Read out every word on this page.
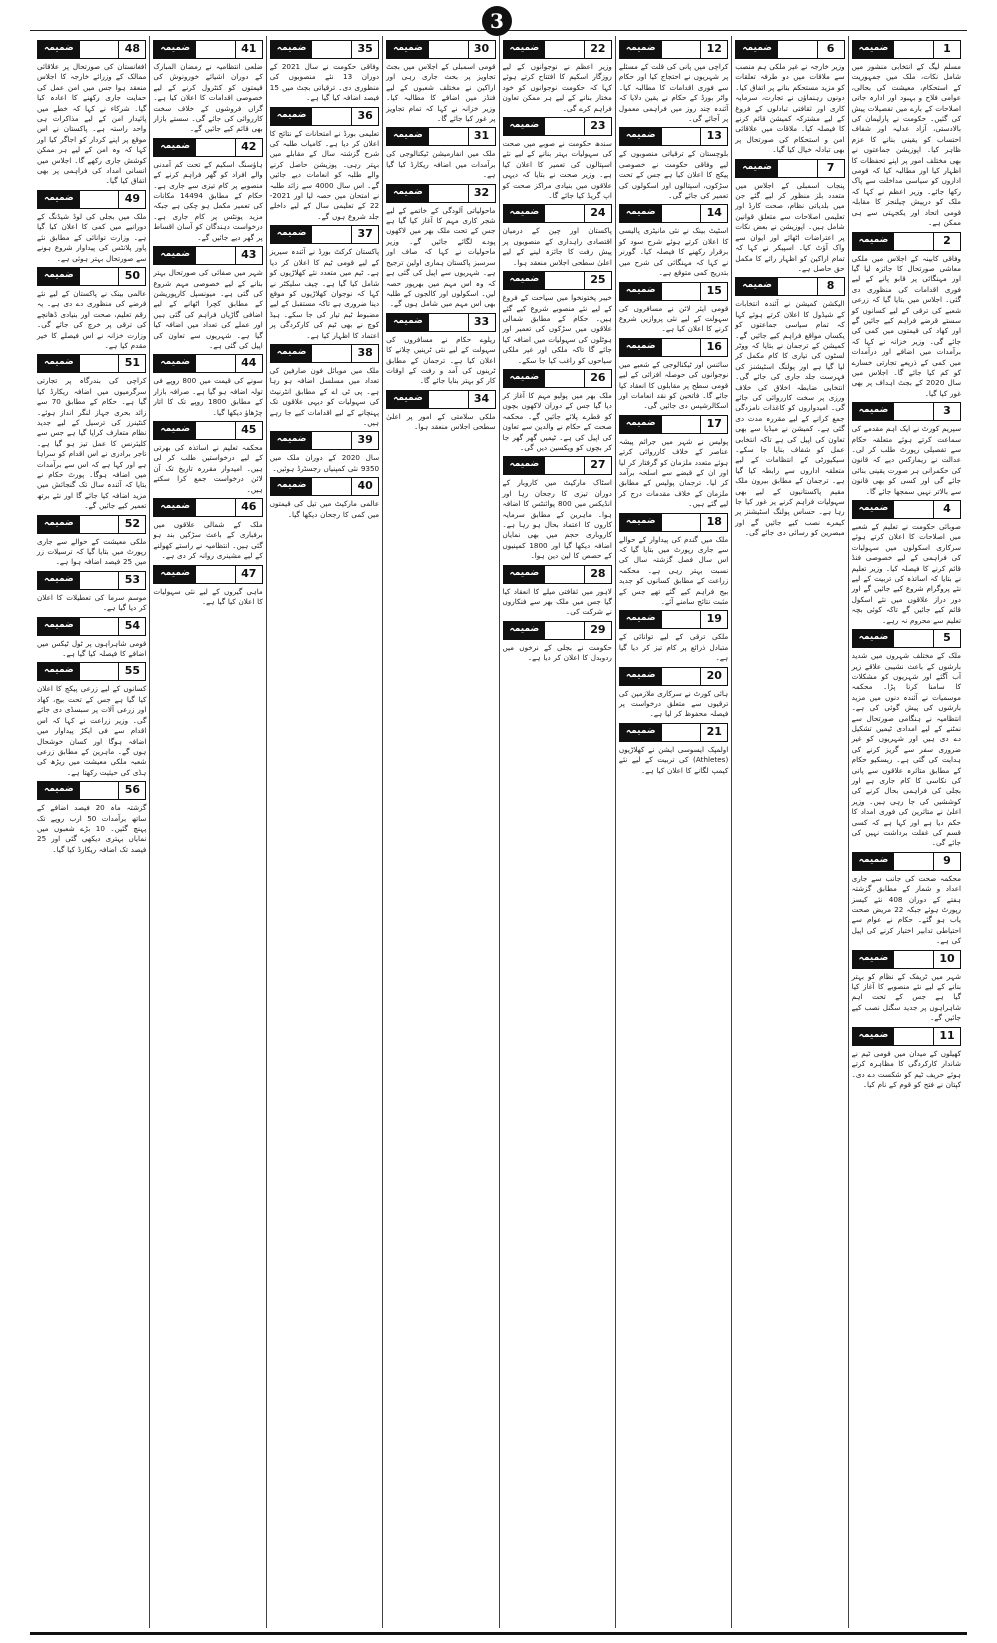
3
1
ضمیمہ

مسلم لیگ کے انتخابی منشور میں شامل نکات، ملک میں جمہوریت کے استحکام، معیشت کی بحالی، عوامی فلاح و بہبود اور ادارہ جاتی اصلاحات کے بارے میں تفصیلات پیش کی گئیں۔ حکومت نے پارلیمان کی بالادستی، آزاد عدلیہ اور شفاف احتساب کو یقینی بنانے کا عزم ظاہر کیا۔ اپوزیشن جماعتوں نے بھی مختلف امور پر اپنے تحفظات کا اظہار کیا اور مطالبہ کیا کہ قومی اداروں کو سیاسی مداخلت سے پاک رکھا جائے۔ وزیر اعظم نے کہا کہ ملک کو درپیش چیلنجز کا مقابلہ قومی اتحاد اور یکجہتی سے ہی ممکن ہے۔

2
ضمیمہ

وفاقی کابینہ کے اجلاس میں ملکی معاشی صورتحال کا جائزہ لیا گیا اور مہنگائی پر قابو پانے کے لیے فوری اقدامات کی منظوری دی گئی۔ اجلاس میں بتایا گیا کہ زرعی شعبے کی ترقی کے لیے کسانوں کو سستے قرضے فراہم کیے جائیں گے اور کھاد کی قیمتوں میں کمی کی جائے گی۔ وزیر خزانہ نے کہا کہ برآمدات میں اضافے اور درآمدات میں کمی کے ذریعے تجارتی خسارے کو کم کیا جائے گا۔ اجلاس میں سال 2020 کے بجٹ اہداف پر بھی غور کیا گیا۔

3
ضمیمہ

سپریم کورٹ نے ایک اہم مقدمے کی سماعت کرتے ہوئے متعلقہ حکام سے تفصیلی رپورٹ طلب کر لی۔ عدالت نے ریمارکس دیے کہ قانون کی حکمرانی ہر صورت یقینی بنائی جائے گی اور کسی کو بھی قانون سے بالاتر نہیں سمجھا جائے گا۔

4
ضمیمہ

صوبائی حکومت نے تعلیم کے شعبے میں اصلاحات کا اعلان کرتے ہوئے سرکاری اسکولوں میں سہولیات کی فراہمی کے لیے خصوصی فنڈ قائم کرنے کا فیصلہ کیا۔ وزیر تعلیم نے بتایا کہ اساتذہ کی تربیت کے لیے نئے پروگرام شروع کیے جائیں گے اور دور دراز علاقوں میں نئے اسکول قائم کیے جائیں گے تاکہ کوئی بچہ تعلیم سے محروم نہ رہے۔

5
ضمیمہ

ملک کے مختلف شہروں میں شدید بارشوں کے باعث نشیبی علاقے زیر آب آگئے اور شہریوں کو مشکلات کا سامنا کرنا پڑا۔ محکمہ موسمیات نے آئندہ دنوں میں مزید بارشوں کی پیش گوئی کی ہے۔ انتظامیہ نے ہنگامی صورتحال سے نمٹنے کے لیے امدادی ٹیمیں تشکیل دے دی ہیں اور شہریوں کو غیر ضروری سفر سے گریز کرنے کی ہدایت کی گئی ہے۔ ریسکیو حکام کے مطابق متاثرہ علاقوں سے پانی کی نکاسی کا کام جاری ہے اور بجلی کی فراہمی بحال کرنے کی کوششیں کی جا رہی ہیں۔ وزیر اعلیٰ نے متاثرین کی فوری امداد کا حکم دیا ہے اور کہا ہے کہ کسی قسم کی غفلت برداشت نہیں کی جائے گی۔

9
ضمیمہ

محکمہ صحت کی جانب سے جاری اعداد و شمار کے مطابق گزشتہ ہفتے کے دوران 408 نئے کیسز رپورٹ ہوئے جبکہ 22 مریض صحت یاب ہو گئے۔ حکام نے عوام سے احتیاطی تدابیر اختیار کرنے کی اپیل کی ہے۔

10
ضمیمہ

شہر میں ٹریفک کے نظام کو بہتر بنانے کے لیے نئے منصوبے کا آغاز کیا گیا ہے جس کے تحت اہم شاہراہوں پر جدید سگنل نصب کیے جائیں گے۔

11
ضمیمہ

کھیلوں کے میدان میں قومی ٹیم نے شاندار کارکردگی کا مظاہرہ کرتے ہوئے حریف ٹیم کو شکست دے دی۔ کپتان نے فتح کو قوم کے نام کیا۔

6
ضمیمہ

وزیر خارجہ نے غیر ملکی ہم منصب سے ملاقات میں دو طرفہ تعلقات کو مزید مستحکم بنانے پر اتفاق کیا۔ دونوں رہنماؤں نے تجارت، سرمایہ کاری اور ثقافتی تبادلوں کے فروغ کے لیے مشترکہ کمیشن قائم کرنے کا فیصلہ کیا۔ ملاقات میں علاقائی امن و استحکام کی صورتحال پر بھی تبادلہ خیال کیا گیا۔

7
ضمیمہ

پنجاب اسمبلی کے اجلاس میں متعدد بلز منظور کر لیے گئے جن میں بلدیاتی نظام، صحت کارڈ اور تعلیمی اصلاحات سے متعلق قوانین شامل ہیں۔ اپوزیشن نے بعض نکات پر اعتراضات اٹھائے اور ایوان سے واک آؤٹ کیا۔ اسپیکر نے کہا کہ تمام اراکین کو اظہار رائے کا مکمل حق حاصل ہے۔

8
ضمیمہ

الیکشن کمیشن نے آئندہ انتخابات کے شیڈول کا اعلان کرتے ہوئے کہا کہ تمام سیاسی جماعتوں کو یکساں مواقع فراہم کیے جائیں گے۔ کمیشن کے ترجمان نے بتایا کہ ووٹر لسٹوں کی تیاری کا کام مکمل کر لیا گیا ہے اور پولنگ اسٹیشنز کی فہرست جلد جاری کی جائے گی۔ انتخابی ضابطہ اخلاق کی خلاف ورزی پر سخت کارروائی کی جائے گی۔ امیدواروں کو کاغذات نامزدگی جمع کرانے کے لیے مقررہ مدت دی گئی ہے۔ کمیشن نے میڈیا سے بھی تعاون کی اپیل کی ہے تاکہ انتخابی عمل کو شفاف بنایا جا سکے۔ سیکیورٹی کے انتظامات کے لیے متعلقہ اداروں سے رابطہ کیا گیا ہے۔ ترجمان کے مطابق بیرون ملک مقیم پاکستانیوں کے لیے بھی سہولیات فراہم کرنے پر غور کیا جا رہا ہے۔ حساس پولنگ اسٹیشنز پر کیمرے نصب کیے جائیں گے اور مبصرین کو رسائی دی جائے گی۔

12
ضمیمہ

کراچی میں پانی کی قلت کے مسئلے پر شہریوں نے احتجاج کیا اور حکام سے فوری اقدامات کا مطالبہ کیا۔ واٹر بورڈ کے حکام نے یقین دلایا کہ آئندہ چند روز میں فراہمی معمول پر آجائے گی۔

13
ضمیمہ

بلوچستان کے ترقیاتی منصوبوں کے لیے وفاقی حکومت نے خصوصی پیکج کا اعلان کیا ہے جس کے تحت سڑکوں، اسپتالوں اور اسکولوں کی تعمیر کی جائے گی۔

14
ضمیمہ

اسٹیٹ بینک نے نئی مانیٹری پالیسی کا اعلان کرتے ہوئے شرح سود کو برقرار رکھنے کا فیصلہ کیا۔ گورنر نے کہا کہ مہنگائی کی شرح میں بتدریج کمی متوقع ہے۔

15
ضمیمہ

قومی ایئر لائن نے مسافروں کی سہولت کے لیے نئی پروازیں شروع کرنے کا اعلان کیا ہے۔

16
ضمیمہ

سائنس اور ٹیکنالوجی کے شعبے میں نوجوانوں کی حوصلہ افزائی کے لیے قومی سطح پر مقابلوں کا انعقاد کیا جائے گا۔ فاتحین کو نقد انعامات اور اسکالرشپس دی جائیں گی۔

17
ضمیمہ

پولیس نے شہر میں جرائم پیشہ عناصر کے خلاف کارروائی کرتے ہوئے متعدد ملزمان کو گرفتار کر لیا اور ان کے قبضے سے اسلحہ برآمد کر لیا۔ ترجمان پولیس کے مطابق ملزمان کے خلاف مقدمات درج کر لیے گئے ہیں۔

18
ضمیمہ

ملک میں گندم کی پیداوار کے حوالے سے جاری رپورٹ میں بتایا گیا کہ اس سال فصل گزشتہ سال کی نسبت بہتر رہی ہے۔ محکمہ زراعت کے مطابق کسانوں کو جدید بیج فراہم کیے گئے تھے جس کے مثبت نتائج سامنے آئے۔

19
ضمیمہ

ملکی ترقی کے لیے توانائی کے متبادل ذرائع پر کام تیز کر دیا گیا ہے۔

20
ضمیمہ

ہائی کورٹ نے سرکاری ملازمین کی ترقیوں سے متعلق درخواست پر فیصلہ محفوظ کر لیا ہے۔

21
ضمیمہ

اولمپک ایسوسی ایشن نے کھلاڑیوں (Athletes) کی تربیت کے لیے نئے کیمپ لگانے کا اعلان کیا ہے۔

22
ضمیمہ

وزیر اعظم نے نوجوانوں کے لیے روزگار اسکیم کا افتتاح کرتے ہوئے کہا کہ حکومت نوجوانوں کو خود مختار بنانے کے لیے ہر ممکن تعاون فراہم کرے گی۔

23
ضمیمہ

سندھ حکومت نے صوبے میں صحت کی سہولیات بہتر بنانے کے لیے نئے اسپتالوں کی تعمیر کا اعلان کیا ہے۔ وزیر صحت نے بتایا کہ دیہی علاقوں میں بنیادی مراکز صحت کو اپ گریڈ کیا جائے گا۔

24
ضمیمہ

پاکستان اور چین کے درمیان اقتصادی راہداری کے منصوبوں پر پیش رفت کا جائزہ لینے کے لیے اعلیٰ سطحی اجلاس منعقد ہوا۔

25
ضمیمہ

خیبر پختونخوا میں سیاحت کے فروغ کے لیے نئے منصوبے شروع کیے گئے ہیں۔ حکام کے مطابق شمالی علاقوں میں سڑکوں کی تعمیر اور ہوٹلوں کی سہولیات میں اضافہ کیا جائے گا تاکہ ملکی اور غیر ملکی سیاحوں کو راغب کیا جا سکے۔

26
ضمیمہ

ملک بھر میں پولیو مہم کا آغاز کر دیا گیا جس کے دوران لاکھوں بچوں کو قطرے پلائے جائیں گے۔ محکمہ صحت کے حکام نے والدین سے تعاون کی اپیل کی ہے۔ ٹیمیں گھر گھر جا کر بچوں کو ویکسین دیں گی۔

27
ضمیمہ

اسٹاک مارکیٹ میں کاروبار کے دوران تیزی کا رجحان رہا اور انڈیکس میں 800 پوائنٹس کا اضافہ ہوا۔ ماہرین کے مطابق سرمایہ کاروں کا اعتماد بحال ہو رہا ہے۔ کاروباری حجم میں بھی نمایاں اضافہ دیکھا گیا اور 1800 کمپنیوں کے حصص کا لین دین ہوا۔

28
ضمیمہ

لاہور میں ثقافتی میلے کا انعقاد کیا گیا جس میں ملک بھر سے فنکاروں نے شرکت کی۔

29
ضمیمہ

حکومت نے بجلی کے نرخوں میں ردوبدل کا اعلان کر دیا ہے۔

30
ضمیمہ

قومی اسمبلی کے اجلاس میں بجٹ تجاویز پر بحث جاری رہی اور اراکین نے مختلف شعبوں کے لیے فنڈز میں اضافے کا مطالبہ کیا۔ وزیر خزانہ نے کہا کہ تمام تجاویز پر غور کیا جائے گا۔

31
ضمیمہ

ملک میں انفارمیشن ٹیکنالوجی کی برآمدات میں اضافہ ریکارڈ کیا گیا ہے۔

32
ضمیمہ

ماحولیاتی آلودگی کے خاتمے کے لیے شجر کاری مہم کا آغاز کیا گیا ہے جس کے تحت ملک بھر میں لاکھوں پودے لگائے جائیں گے۔ وزیر ماحولیات نے کہا کہ صاف اور سرسبز پاکستان ہماری اولین ترجیح ہے۔ شہریوں سے اپیل کی گئی ہے کہ وہ اس مہم میں بھرپور حصہ لیں۔ اسکولوں اور کالجوں کے طلبہ بھی اس مہم میں شامل ہوں گے۔

33
ضمیمہ

ریلوے حکام نے مسافروں کی سہولت کے لیے نئی ٹرینیں چلانے کا اعلان کیا ہے۔ ترجمان کے مطابق ٹرینوں کی آمد و رفت کے اوقات کار کو بہتر بنایا جائے گا۔

34
ضمیمہ

ملکی سلامتی کے امور پر اعلیٰ سطحی اجلاس منعقد ہوا۔

35
ضمیمہ

وفاقی حکومت نے سال 2021 کے دوران 13 نئے منصوبوں کی منظوری دی۔ ترقیاتی بجٹ میں 15 فیصد اضافہ کیا گیا ہے۔

36
ضمیمہ

تعلیمی بورڈ نے امتحانات کے نتائج کا اعلان کر دیا ہے۔ کامیاب طلبہ کی شرح گزشتہ سال کے مقابلے میں بہتر رہی۔ پوزیشن حاصل کرنے والے طلبہ کو انعامات دیے جائیں گے۔ اس سال 4000 سے زائد طلبہ نے امتحان میں حصہ لیا اور 2021-22 کے تعلیمی سال کے لیے داخلے جلد شروع ہوں گے۔

37
ضمیمہ

پاکستان کرکٹ بورڈ نے آئندہ سیریز کے لیے قومی ٹیم کا اعلان کر دیا ہے۔ ٹیم میں متعدد نئے کھلاڑیوں کو شامل کیا گیا ہے۔ چیف سلیکٹر نے کہا کہ نوجوان کھلاڑیوں کو موقع دینا ضروری ہے تاکہ مستقبل کے لیے مضبوط ٹیم تیار کی جا سکے۔ ہیڈ کوچ نے بھی ٹیم کی کارکردگی پر اعتماد کا اظہار کیا ہے۔

38
ضمیمہ

ملک میں موبائل فون صارفین کی تعداد میں مسلسل اضافہ ہو رہا ہے۔ پی ٹی اے کے مطابق انٹرنیٹ کی سہولیات کو دیہی علاقوں تک پہنچانے کے لیے اقدامات کیے جا رہے ہیں۔

39
ضمیمہ

سال 2020 کے دوران ملک میں 9350 نئی کمپنیاں رجسٹرڈ ہوئیں۔

40
ضمیمہ

عالمی مارکیٹ میں تیل کی قیمتوں میں کمی کا رجحان دیکھا گیا۔

41
ضمیمہ

ضلعی انتظامیہ نے رمضان المبارک کے دوران اشیائے خورونوش کی قیمتوں کو کنٹرول کرنے کے لیے خصوصی اقدامات کا اعلان کیا ہے۔ گراں فروشوں کے خلاف سخت کارروائی کی جائے گی۔ سستے بازار بھی قائم کیے جائیں گے۔

42
ضمیمہ

ہاؤسنگ اسکیم کے تحت کم آمدنی والے افراد کو گھر فراہم کرنے کے منصوبے پر کام تیزی سے جاری ہے۔ حکام کے مطابق 14494 مکانات کی تعمیر مکمل ہو چکی ہے جبکہ مزید یونٹس پر کام جاری ہے۔ درخواست دہندگان کو آسان اقساط پر گھر دیے جائیں گے۔

43
ضمیمہ

شہر میں صفائی کی صورتحال بہتر بنانے کے لیے خصوصی مہم شروع کی گئی ہے۔ میونسپل کارپوریشن کے مطابق کچرا اٹھانے کے لیے اضافی گاڑیاں فراہم کی گئی ہیں اور عملے کی تعداد میں اضافہ کیا گیا ہے۔ شہریوں سے تعاون کی اپیل کی گئی ہے۔

44
ضمیمہ

سونے کی قیمت میں 800 روپے فی تولہ اضافہ ہو گیا ہے۔ صرافہ بازار کے مطابق 1800 روپے تک کا اتار چڑھاؤ دیکھا گیا۔

45
ضمیمہ

محکمہ تعلیم نے اساتذہ کی بھرتی کے لیے درخواستیں طلب کر لی ہیں۔ امیدوار مقررہ تاریخ تک آن لائن درخواست جمع کرا سکتے ہیں۔

46
ضمیمہ

ملک کے شمالی علاقوں میں برفباری کے باعث سڑکیں بند ہو گئی ہیں۔ انتظامیہ نے راستے کھولنے کے لیے مشینری روانہ کر دی ہے۔

47
ضمیمہ

ماہی گیروں کے لیے نئی سہولیات کا اعلان کیا گیا ہے۔

48
ضمیمہ

افغانستان کی صورتحال پر علاقائی ممالک کے وزرائے خارجہ کا اجلاس منعقد ہوا جس میں امن عمل کی حمایت جاری رکھنے کا اعادہ کیا گیا۔ شرکاء نے کہا کہ خطے میں پائیدار امن کے لیے مذاکرات ہی واحد راستہ ہے۔ پاکستان نے اس موقع پر اپنے کردار کو اجاگر کیا اور کہا کہ وہ امن کے لیے ہر ممکن کوشش جاری رکھے گا۔ اجلاس میں انسانی امداد کی فراہمی پر بھی اتفاق کیا گیا۔

49
ضمیمہ

ملک میں بجلی کی لوڈ شیڈنگ کے دورانیے میں کمی کا اعلان کیا گیا ہے۔ وزارت توانائی کے مطابق نئے پاور پلانٹس کی پیداوار شروع ہونے سے صورتحال بہتر ہوئی ہے۔

50
ضمیمہ

عالمی بینک نے پاکستان کے لیے نئے قرضے کی منظوری دے دی ہے۔ یہ رقم تعلیم، صحت اور بنیادی ڈھانچے کی ترقی پر خرچ کی جائے گی۔ وزارت خزانہ نے اس فیصلے کا خیر مقدم کیا ہے۔

51
ضمیمہ

کراچی کی بندرگاہ پر تجارتی سرگرمیوں میں اضافہ ریکارڈ کیا گیا ہے۔ حکام کے مطابق 70 سے زائد بحری جہاز لنگر انداز ہوئے۔ کنٹینرز کی ترسیل کے لیے جدید نظام متعارف کرایا گیا ہے جس سے کلیئرنس کا عمل تیز ہو گیا ہے۔ تاجر برادری نے اس اقدام کو سراہا ہے اور کہا ہے کہ اس سے برآمدات میں اضافہ ہوگا۔ پورٹ حکام نے بتایا کہ آئندہ سال تک گنجائش میں مزید اضافہ کیا جائے گا اور نئے برتھ تعمیر کیے جائیں گے۔

52
ضمیمہ

ملکی معیشت کے حوالے سے جاری رپورٹ میں بتایا گیا کہ ترسیلات زر میں 25 فیصد اضافہ ہوا ہے۔

53
ضمیمہ

موسم سرما کی تعطیلات کا اعلان کر دیا گیا ہے۔

54
ضمیمہ

قومی شاہراہوں پر ٹول ٹیکس میں اضافے کا فیصلہ کیا گیا ہے۔

55
ضمیمہ

کسانوں کے لیے زرعی پیکج کا اعلان کیا گیا ہے جس کے تحت بیج، کھاد اور زرعی آلات پر سبسڈی دی جائے گی۔ وزیر زراعت نے کہا کہ اس اقدام سے فی ایکڑ پیداوار میں اضافہ ہوگا اور کسان خوشحال ہوں گے۔ ماہرین کے مطابق زرعی شعبہ ملکی معیشت میں ریڑھ کی ہڈی کی حیثیت رکھتا ہے۔

56
ضمیمہ

گزشتہ ماہ 20 فیصد اضافے کے ساتھ برآمدات 50 ارب روپے تک پہنچ گئیں۔ 10 بڑے شعبوں میں نمایاں بہتری دیکھی گئی اور 25 فیصد تک اضافہ ریکارڈ کیا گیا۔
